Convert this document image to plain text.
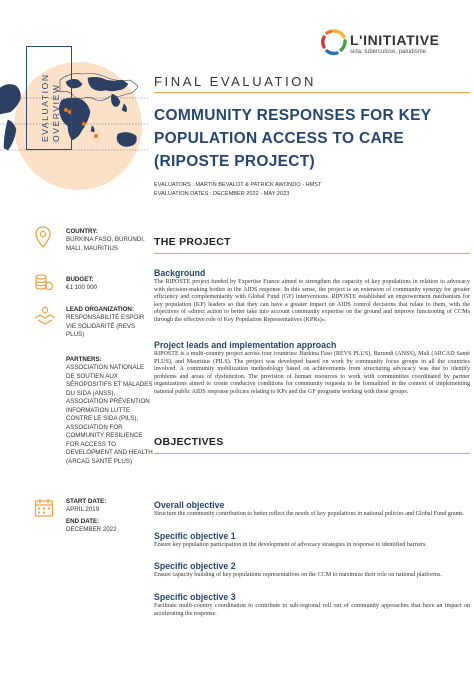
EVALUATION OVERVIEW
L'INITIATIVE
sida, tuberculose, paludisme
FINAL EVALUATION
COMMUNITY RESPONSES FOR KEY POPULATION ACCESS TO CARE (RIPOSTE PROJECT)
EVALUATORS : MARTIN BEVALOT & PATRICK AWONDO - HMST
EVALUATION DATES : DECEMBER 2022 - MAY 2023
COUNTRY:
BURKINA FASO, BURUNDI, MALI, MAURITIUS
BUDGET:
€1 100 000
LEAD ORGANIZATION:
RESPONSABILITÉ ESPOIR VIE SOLIDARITÉ (REVS PLUS)
PARTNERS:
ASSOCIATION NATIONALE DE SOUTIEN AUX SÉROPOSITIFS ET MALADES DU SIDA (ANSS), ASSOCIATION PRÉVENTION INFORMATION LUTTE CONTRE LE SIDA (PILS), ASSOCIATION FOR COMMUNITY RESILIENCE FOR ACCESS TO DEVELOPMENT AND HEALTH (ARCAD SANTÉ PLUS)
START DATE:
APRIL 2019
END DATE:
DECEMBER 2022
THE PROJECT
Background
The RIPOSTE project funded by Expertise France aimed to strengthen the capacity of key populations in relation to advocacy with decision-making bodies in the AIDS response. In this sense, the project is an extension of community synergy for greater efficiency and complementarity with Global Fund (GF) interventions. RIPOSTE established an empowerment mechanism for key population (KP) leaders so that they can have a greater impact on AIDS control decisions that relate to them, with the objectives of «direct action to better take into account community expertise on the ground and improve functioning of CCMs through the effective role of Key Population Representatives (KPRs)».
Project leads and implementation approach
RIPOSTE is a multi-country project across four countries: Burkina Faso (REVS PLUS), Burundi (ANSS), Mali (ARCAD Santé PLUS), and Mauritius (PILS). The project was developed based on work by community focus groups in all the countries involved. A community mobilization methodology based on achievements from structuring advocacy was due to identify problems and areas of dysfunction. The provision of human resources to work with communities coordinated by partner organizations aimed to create conducive conditions for community requests to be formalized in the context of implementing national public AIDS response policies relating to KPs and the GF programs working with these groups.
OBJECTIVES
Overall objective
Structure the community contribution to better reflect the needs of key populations in national policies and Global Fund grants.
Specific objective 1
Ensure key population participation in the development of advocacy strategies in response to identified barriers.
Specific objective 2
Ensure capacity building of key populations representatives on the CCM to maximize their role on national platforms.
Specific objective 3
Facilitate multi-country coordination to contribute to sub-regional roll out of community approaches that have an impact on accelerating the response.
